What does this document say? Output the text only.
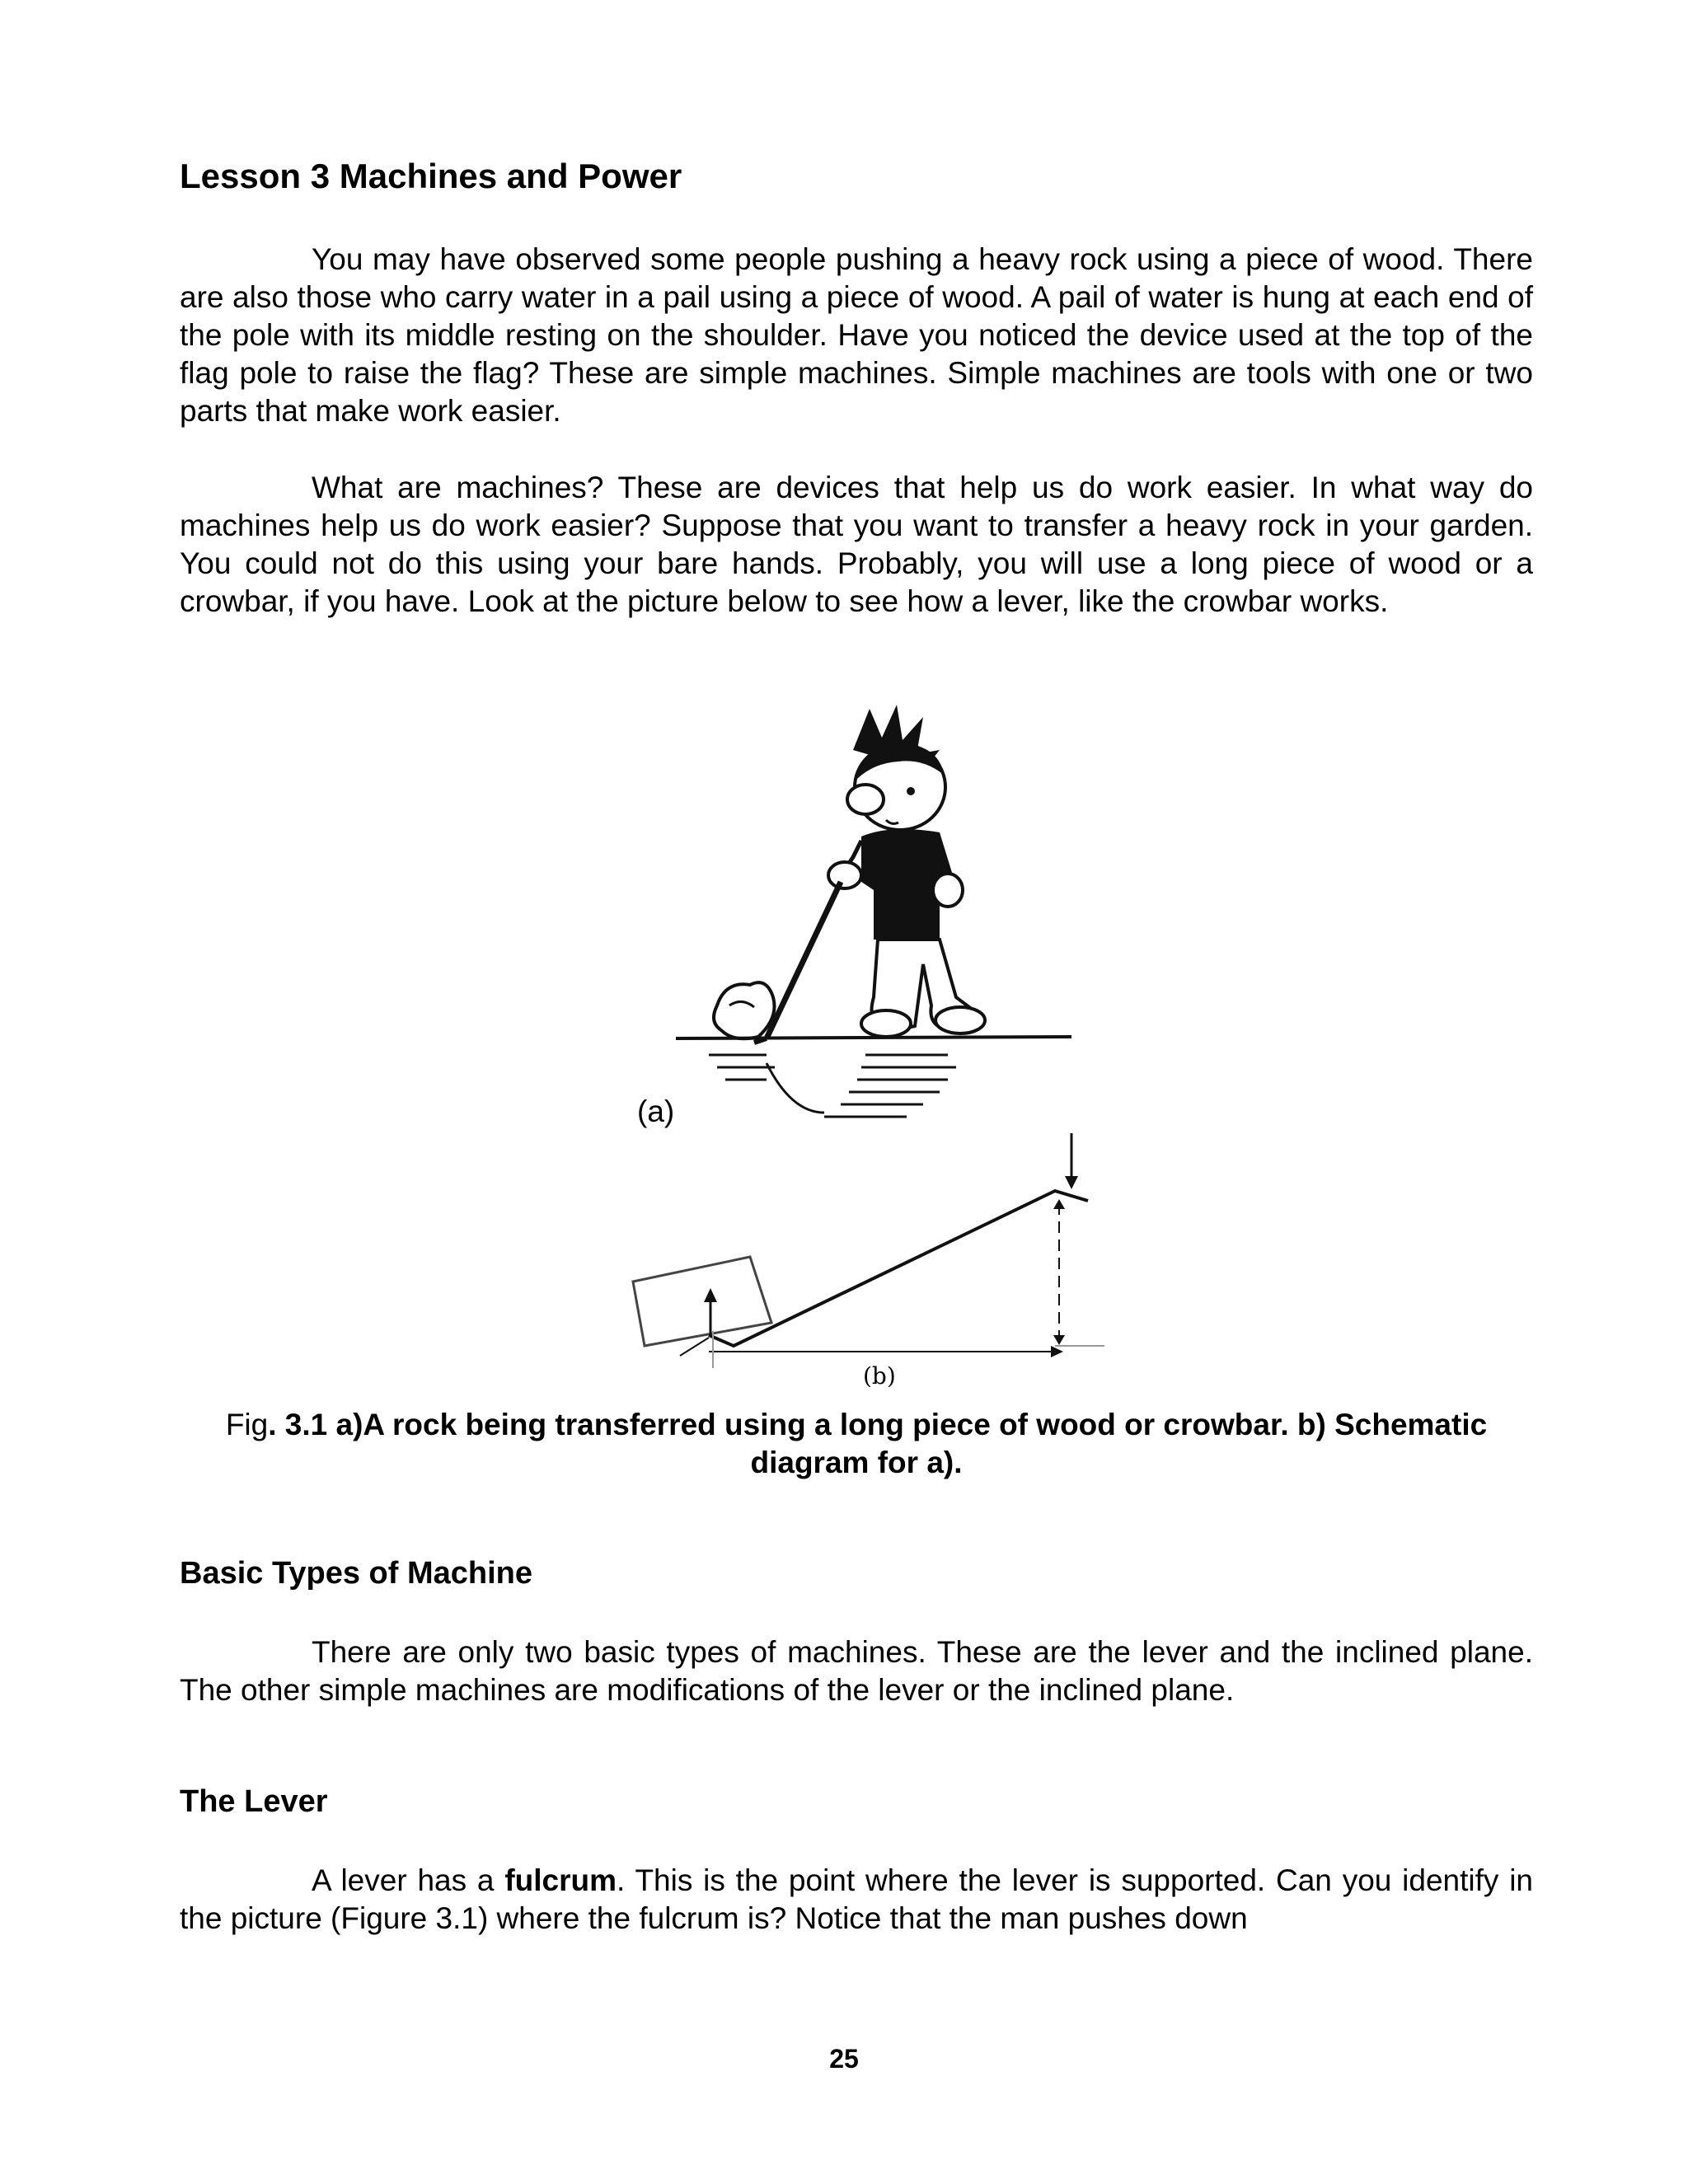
Lesson 3 Machines and Power

You may have observed some people pushing a heavy rock using a piece of wood. There are also those who carry water in a pail using a piece of wood. A pail of water is hung at each end of the pole with its middle resting on the shoulder. Have you noticed the device used at the top of the flag pole to raise the flag? These are simple machines. Simple machines are tools with one or two parts that make work easier.

What are machines? These are devices that help us do work easier. In what way do machines help us do work easier? Suppose that you want to transfer a heavy rock in your garden. You could not do this using your bare hands. Probably, you will use a long piece of wood or a crowbar, if you have. Look at the picture below to see how a lever, like the crowbar works.

(a)
(b)
Fig. 3.1 a)A rock being transferred using a long piece of wood or crowbar. b) Schematic diagram for a).
Basic Types of Machine

There are only two basic types of machines. These are the lever and the inclined plane. The other simple machines are modifications of the lever or the inclined plane.

The Lever

A lever has a fulcrum. This is the point where the lever is supported. Can you identify in the picture (Figure 3.1) where the fulcrum is? Notice that the man pushes down

25
